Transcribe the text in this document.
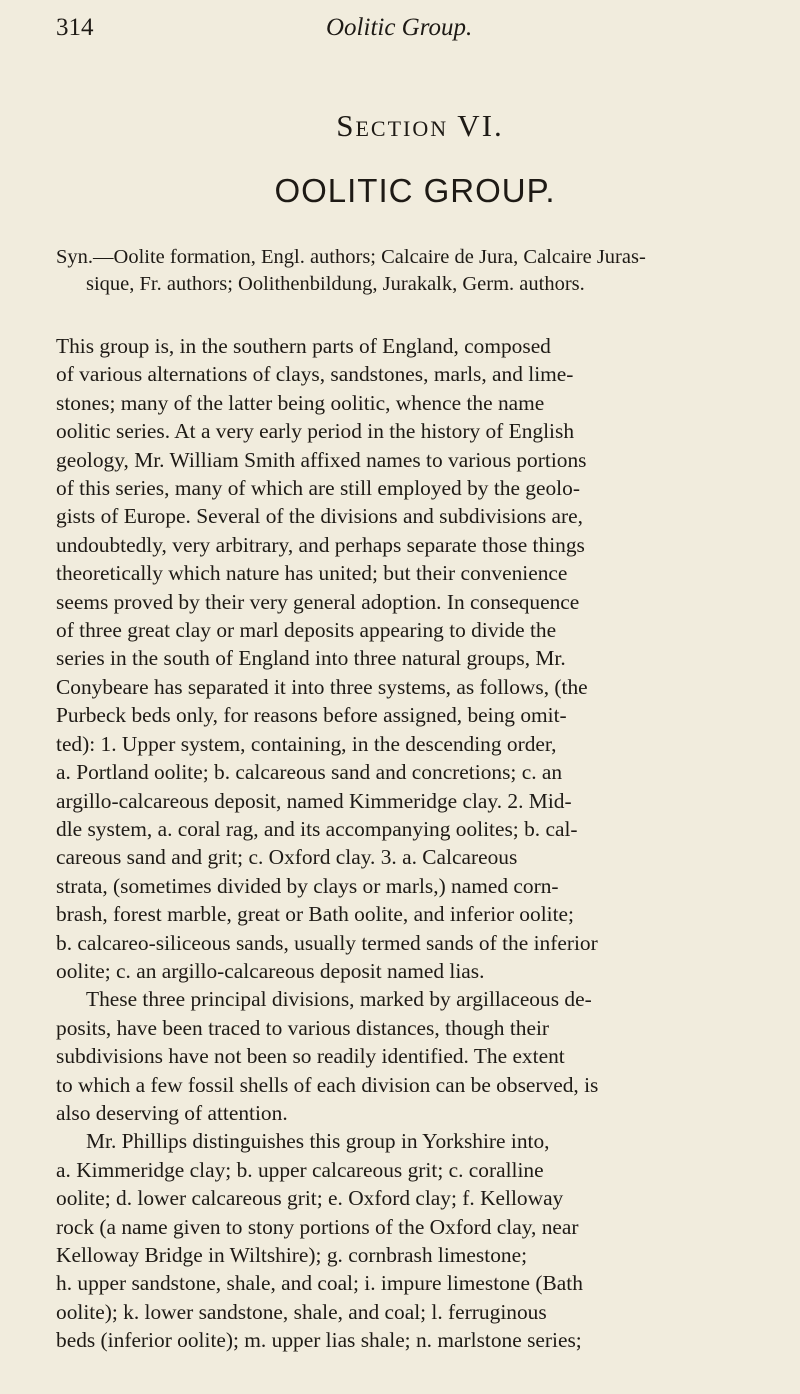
314	Oolitic Group.
Section VI.
OOLITIC GROUP.
Syn.—Oolite formation, Engl. authors; Calcaire de Jura, Calcaire Juras-
sique, Fr. authors; Oolithenbildung, Jurakalk, Germ. authors.
This group is, in the southern parts of England, composed
of various alternations of clays, sandstones, marls, and lime-
stones; many of the latter being oolitic, whence the name
oolitic series. At a very early period in the history of English
geology, Mr. William Smith affixed names to various portions
of this series, many of which are still employed by the geolo-
gists of Europe. Several of the divisions and subdivisions are,
undoubtedly, very arbitrary, and perhaps separate those things
theoretically which nature has united; but their convenience
seems proved by their very general adoption. In consequence
of three great clay or marl deposits appearing to divide the
series in the south of England into three natural groups, Mr.
Conybeare has separated it into three systems, as follows, (the
Purbeck beds only, for reasons before assigned, being omit-
ted): 1. Upper system, containing, in the descending order,
a. Portland oolite; b. calcareous sand and concretions; c. an
argillo-calcareous deposit, named Kimmeridge clay. 2. Mid-
dle system, a. coral rag, and its accompanying oolites; b. cal-
careous sand and grit; c. Oxford clay. 3. a. Calcareous
strata, (sometimes divided by clays or marls,) named corn-
brash, forest marble, great or Bath oolite, and inferior oolite;
b. calcareo-siliceous sands, usually termed sands of the inferior
oolite; c. an argillo-calcareous deposit named lias.
These three principal divisions, marked by argillaceous de-
posits, have been traced to various distances, though their
subdivisions have not been so readily identified. The extent
to which a few fossil shells of each division can be observed, is
also deserving of attention.
Mr. Phillips distinguishes this group in Yorkshire into,
a. Kimmeridge clay; b. upper calcareous grit; c. coralline
oolite; d. lower calcareous grit; e. Oxford clay; f. Kelloway
rock (a name given to stony portions of the Oxford clay, near
Kelloway Bridge in Wiltshire); g. cornbrash limestone;
h. upper sandstone, shale, and coal; i. impure limestone (Bath
oolite); k. lower sandstone, shale, and coal; l. ferruginous
beds (inferior oolite); m. upper lias shale; n. marlstone series;
